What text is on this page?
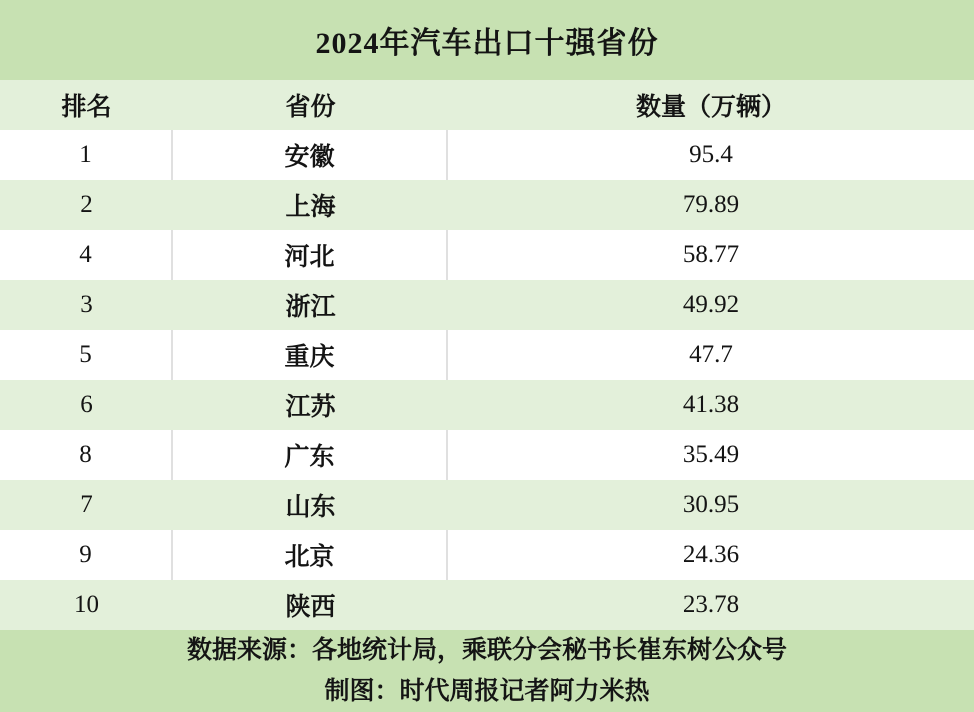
2024年汽车出口十强省份
排名	省份	数量（万辆）
1	安徽	95.4
2	上海	79.89
4	河北	58.77
3	浙江	49.92
5	重庆	47.7
6	江苏	41.38
8	广东	35.49
7	山东	30.95
9	北京	24.36
10	陕西	23.78
数据来源：各地统计局，乘联分会秘书长崔东树公众号
制图：时代周报记者阿力米热
